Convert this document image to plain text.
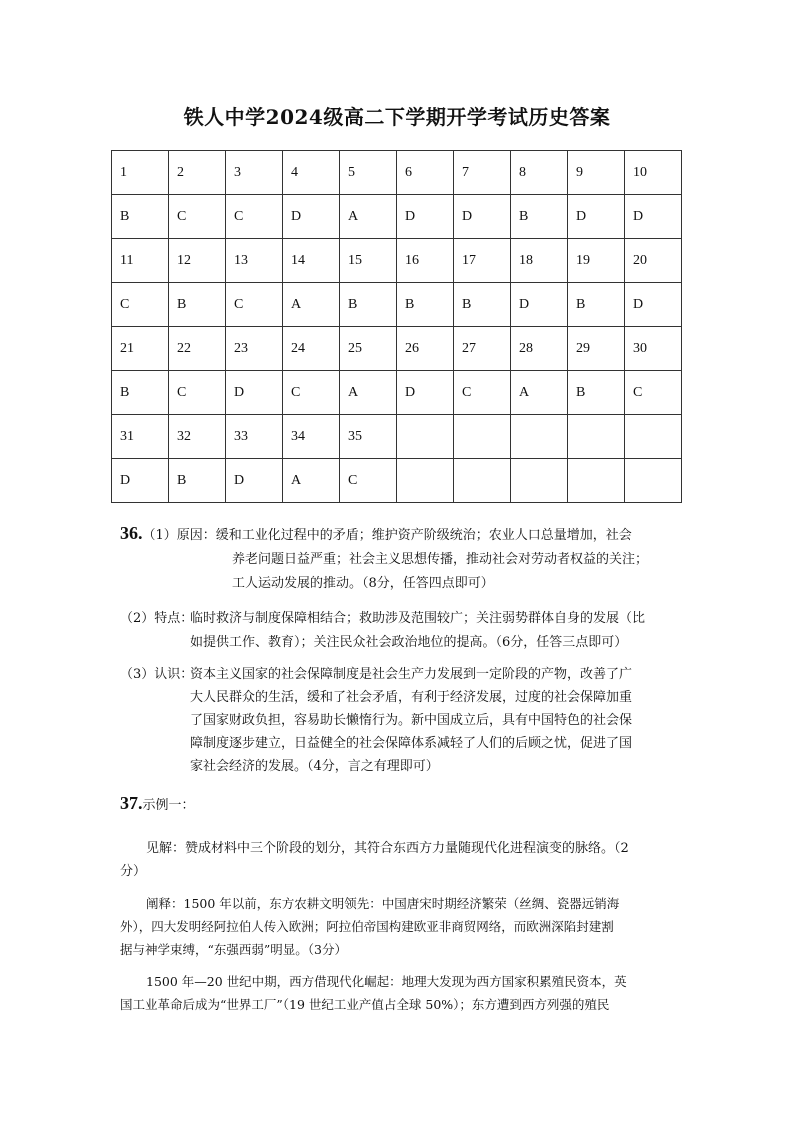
铁人中学2024级高二下学期开学考试历史答案
1	2	3	4	5	6	7	8	9	10
B	C	C	D	A	D	D	B	D	D
11	12	13	14	15	16	17	18	19	20
C	B	C	A	B	B	B	D	B	D
21	22	23	24	25	26	27	28	29	30
B	C	D	C	A	D	C	A	B	C
31	32	33	34	35					
D	B	D	A	C					
36.（1）原因：缓和工业化过程中的矛盾；维护资产阶级统治；农业人口总量增加，社会
养老问题日益严重；社会主义思想传播，推动社会对劳动者权益的关注；
工人运动发展的推动。（8分，任答四点即可）
（2）特点：
临时救济与制度保障相结合；救助涉及范围较广；关注弱势群体自身的发展（比
如提供工作、教育）；关注民众社会政治地位的提高。（6分，任答三点即可）
（3）认识：
资本主义国家的社会保障制度是社会生产力发展到一定阶段的产物，改善了广
大人民群众的生活，缓和了社会矛盾，有利于经济发展，过度的社会保障加重
了国家财政负担，容易助长懒惰行为。新中国成立后，具有中国特色的社会保
障制度逐步建立，日益健全的社会保障体系减轻了人们的后顾之忧，促进了国
家社会经济的发展。（4分，言之有理即可）
37.示例一：
见解：赞成材料中三个阶段的划分，其符合东西方力量随现代化进程演变的脉络。（2
分）
阐释：1500 年以前，东方农耕文明领先：中国唐宋时期经济繁荣（丝绸、瓷器远销海
外），四大发明经阿拉伯人传入欧洲；阿拉伯帝国构建欧亚非商贸网络，而欧洲深陷封建割
据与神学束缚，“东强西弱”明显。（3分）
1500 年—20 世纪中期，西方借现代化崛起：地理大发现为西方国家积累殖民资本，英
国工业革命后成为“世界工厂”（19 世纪工业产值占全球 50%）；东方遭到西方列强的殖民
